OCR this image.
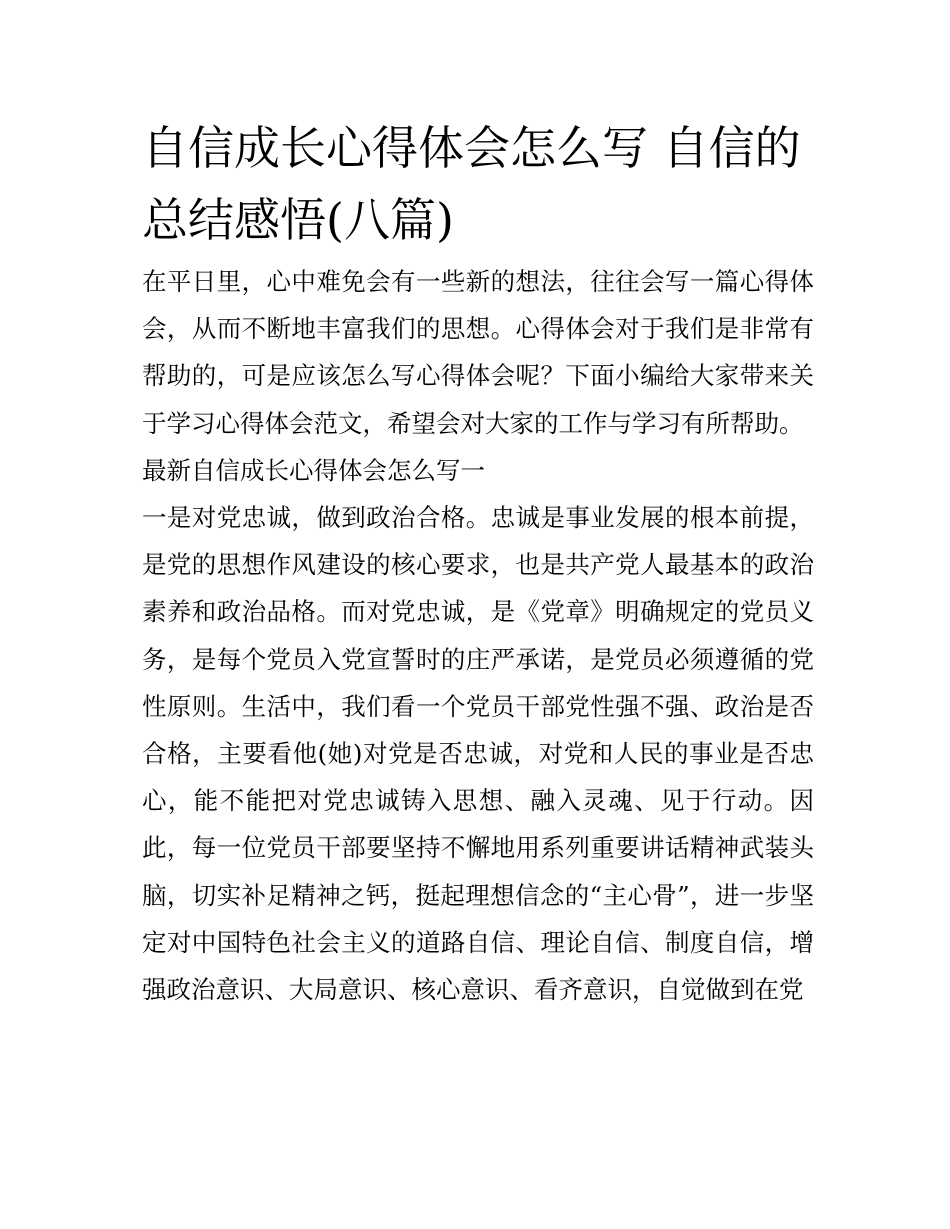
自信成长心得体会怎么写 自信的总结感悟(八篇)

在平日里，心中难免会有一些新的想法，往往会写一篇心得体会，从而不断地丰富我们的思想。心得体会对于我们是非常有帮助的，可是应该怎么写心得体会呢？下面小编给大家带来关于学习心得体会范文，希望会对大家的工作与学习有所帮助。

最新自信成长心得体会怎么写一

一是对党忠诚，做到政治合格。忠诚是事业发展的根本前提，是党的思想作风建设的核心要求，也是共产党人最基本的政治素养和政治品格。而对党忠诚，是《党章》明确规定的党员义务，是每个党员入党宣誓时的庄严承诺，是党员必须遵循的党性原则。生活中，我们看一个党员干部党性强不强、政治是否合格，主要看他(她)对党是否忠诚，对党和人民的事业是否忠心，能不能把对党忠诚铸入思想、融入灵魂、见于行动。因此，每一位党员干部要坚持不懈地用系列重要讲话精神武装头脑，切实补足精神之钙，挺起理想信念的“主心骨”，进一步坚定对中国特色社会主义的道路自信、理论自信、制度自信，增强政治意识、大局意识、核心意识、看齐意识，自觉做到在党
